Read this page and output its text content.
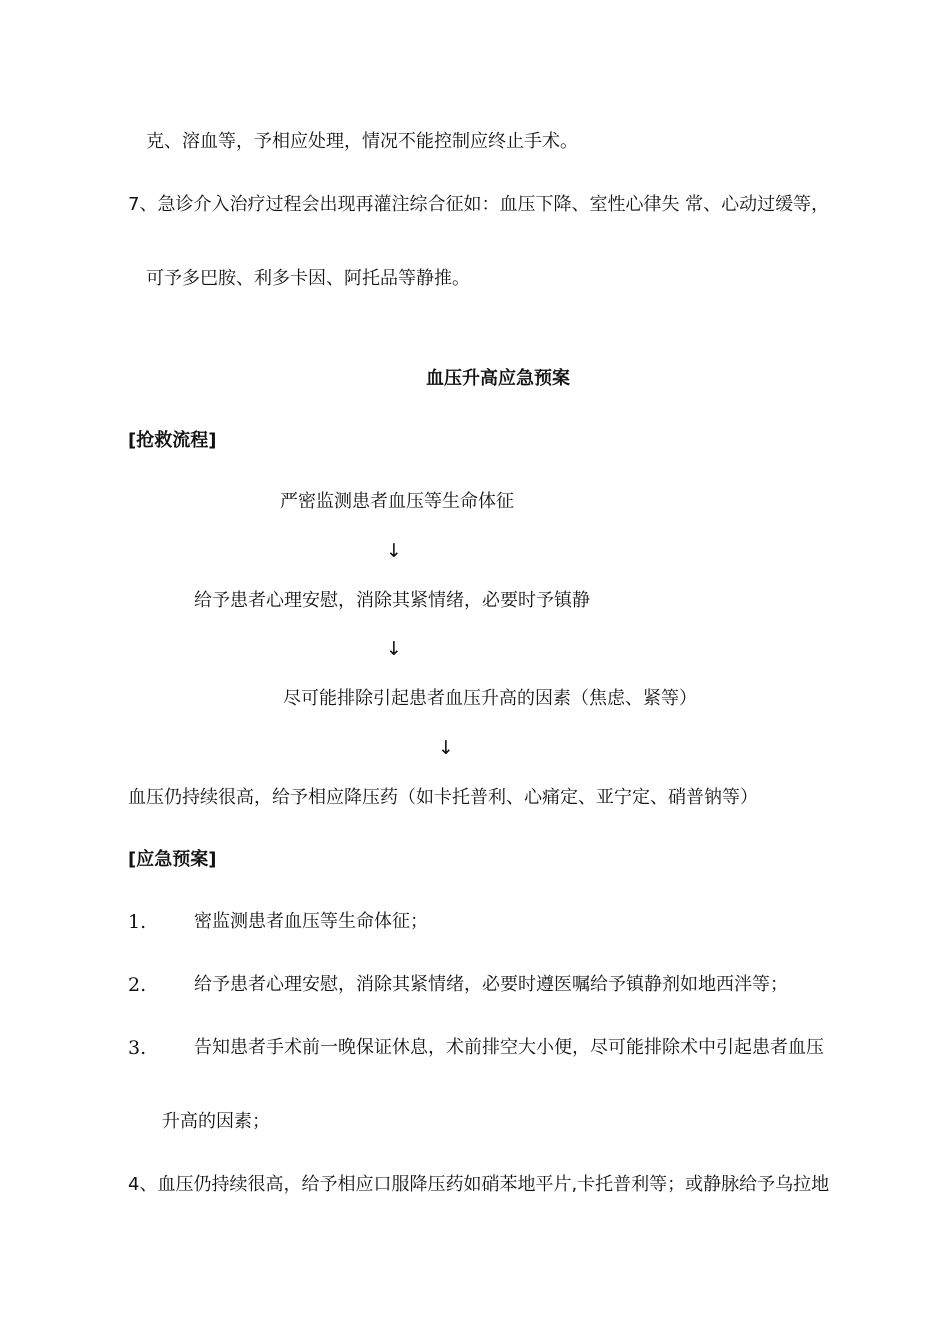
克、溶血等，予相应处理，情况不能控制应终止手术。
7、急诊介入治疗过程会出现再灌注综合征如：血压下降、室性心律失 常、心动过缓等，
可予多巴胺、利多卡因、阿托品等静推。
血压升高应急预案
[抢救流程]
严密监测患者血压等生命体征
↓
给予患者心理安慰，消除其紧情绪，必要时予镇静
↓
尽可能排除引起患者血压升高的因素（焦虑、紧等）
↓
血压仍持续很高，给予相应降压药（如卡托普利、心痛定、亚宁定、硝普钠等）
[应急预案]
1.	密监测患者血压等生命体征；
2.	给予患者心理安慰，消除其紧情绪，必要时遵医嘱给予镇静剂如地西泮等；
3.	告知患者手术前一晚保证休息，术前排空大小便，尽可能排除术中引起患者血压
升高的因素；
4、血压仍持续很高，给予相应口服降压药如硝苯地平片,卡托普利等；或静脉给予乌拉地
